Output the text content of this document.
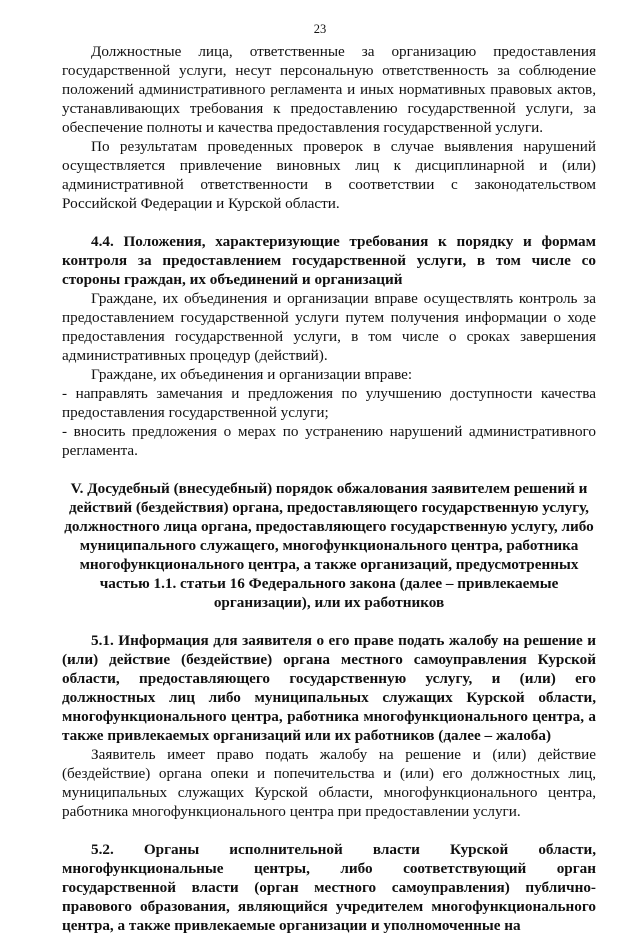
23

Должностные лица, ответственные за организацию предоставления государственной услуги, несут персональную ответственность за соблюдение положений административного регламента и иных нормативных правовых актов, устанавливающих требования к предоставлению государственной услуги, за обеспечение полноты и качества предоставления государственной услуги.

По результатам проведенных проверок в случае выявления нарушений осуществляется привлечение виновных лиц к дисциплинарной и (или) административной ответственности в соответствии с законодательством Российской Федерации и Курской области.

4.4. Положения, характеризующие требования к порядку и формам контроля за предоставлением государственной услуги, в том числе со стороны граждан, их объединений и организаций

Граждане, их объединения и организации вправе осуществлять контроль за предоставлением государственной услуги путем получения информации о ходе предоставления государственной услуги, в том числе о сроках завершения административных процедур (действий).

Граждане, их объединения и организации вправе:

- направлять замечания и предложения по улучшению доступности качества предоставления государственной услуги;

- вносить предложения о мерах по устранению нарушений административного регламента.

V. Досудебный (внесудебный) порядок обжалования заявителем решений и действий (бездействия) органа, предоставляющего государственную услугу, должностного лица органа, предоставляющего государственную услугу, либо муниципального служащего, многофункционального центра, работника многофункционального центра, а также организаций, предусмотренных частью 1.1. статьи 16 Федерального закона (далее – привлекаемые организации), или их работников

5.1. Информация для заявителя о его праве подать жалобу на решение и (или) действие (бездействие) органа местного самоуправления Курской области, предоставляющего государственную услугу, и (или) его должностных лиц либо муниципальных служащих Курской области, многофункционального центра, работника многофункционального центра, а также привлекаемых организаций или их работников (далее – жалоба)

Заявитель имеет право подать жалобу на решение и (или) действие (бездействие) органа опеки и попечительства и (или) его должностных лиц, муниципальных служащих Курской области, многофункционального центра, работника многофункционального центра при предоставлении услуги.

5.2. Органы исполнительной власти Курской области, многофункциональные центры, либо соответствующий орган государственной власти (орган местного самоуправления) публично-правового образования, являющийся учредителем многофункционального центра, а также привлекаемые организации и уполномоченные на
